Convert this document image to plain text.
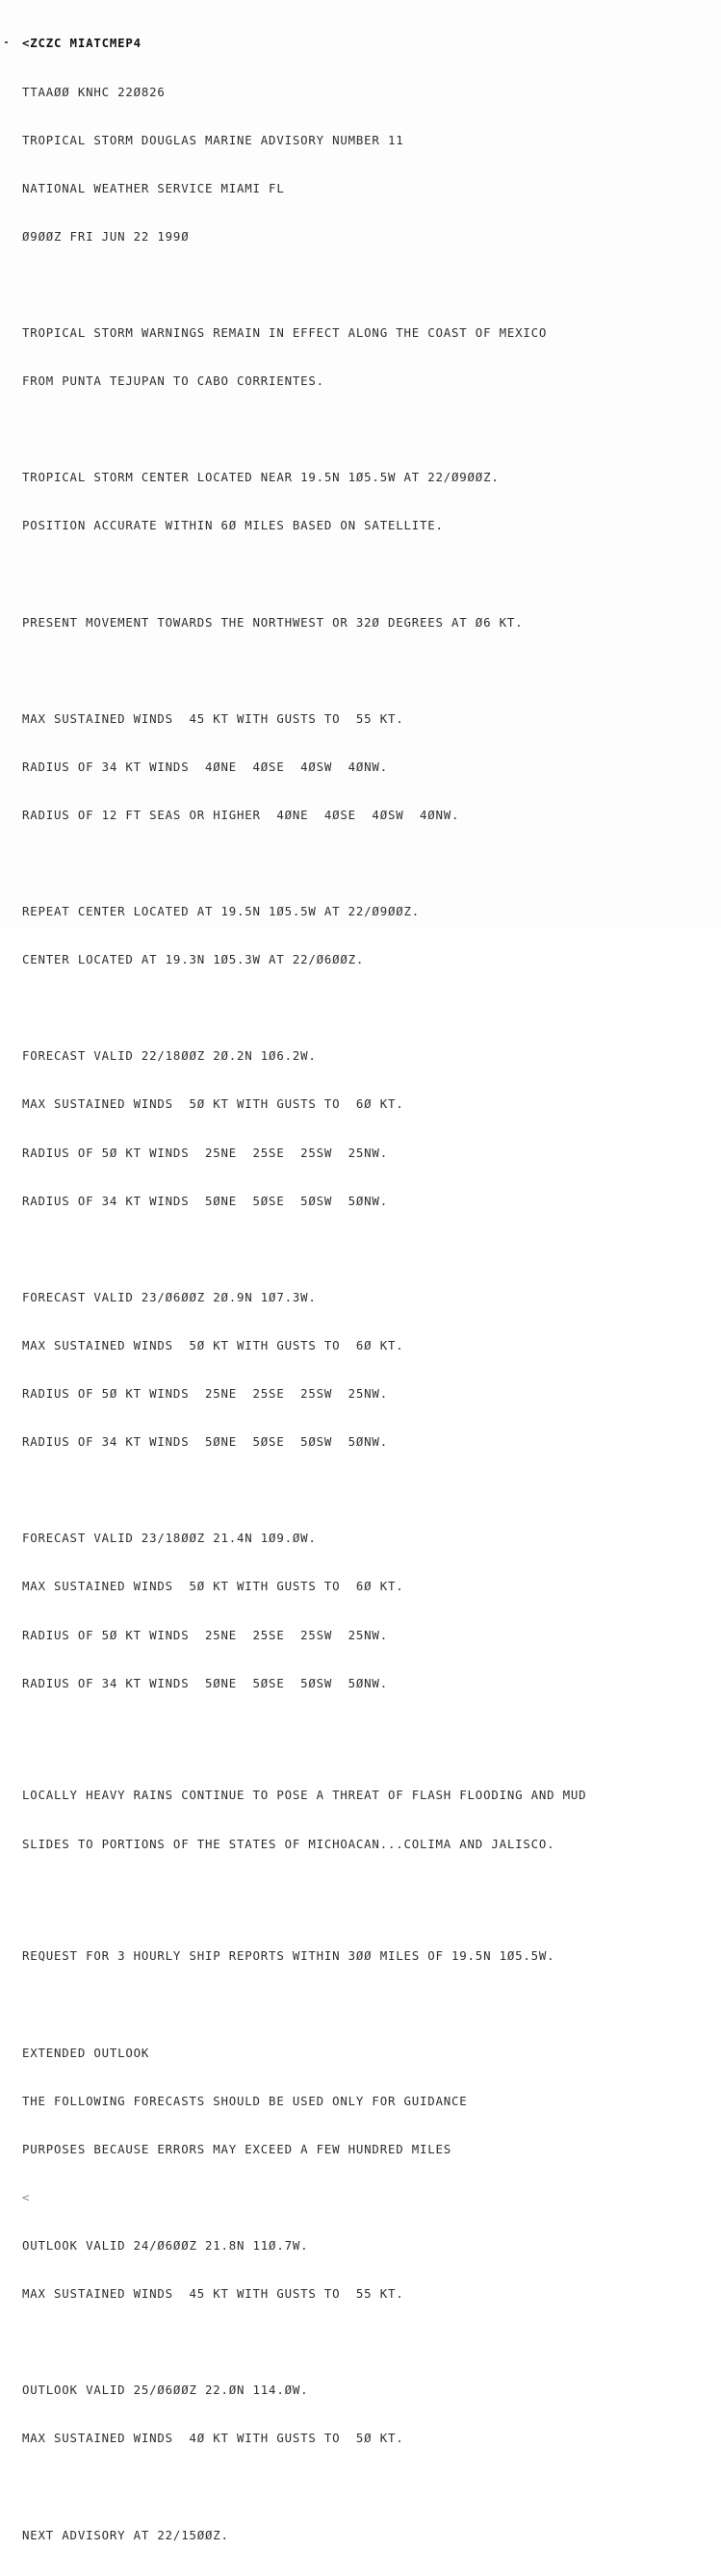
<ZCZC MIATCMEP4

TTAAØØ KNHC 22Ø826

TROPICAL STORM DOUGLAS MARINE ADVISORY NUMBER 11

NATIONAL WEATHER SERVICE MIAMI FL

Ø9ØØZ FRI JUN 22 199Ø

TROPICAL STORM WARNINGS REMAIN IN EFFECT ALONG THE COAST OF MEXICO

FROM PUNTA TEJUPAN TO CABO CORRIENTES.

TROPICAL STORM CENTER LOCATED NEAR 19.5N 1Ø5.5W AT 22/Ø9ØØZ.

POSITION ACCURATE WITHIN 6Ø MILES BASED ON SATELLITE.

PRESENT MOVEMENT TOWARDS THE NORTHWEST OR 32Ø DEGREES AT Ø6 KT.

MAX SUSTAINED WINDS  45 KT WITH GUSTS TO  55 KT.

RADIUS OF 34 KT WINDS  4ØNE  4ØSE  4ØSW  4ØNW.

RADIUS OF 12 FT SEAS OR HIGHER  4ØNE  4ØSE  4ØSW  4ØNW.

REPEAT CENTER LOCATED AT 19.5N 1Ø5.5W AT 22/Ø9ØØZ.

CENTER LOCATED AT 19.3N 1Ø5.3W AT 22/Ø6ØØZ.

FORECAST VALID 22/18ØØZ 2Ø.2N 1Ø6.2W.

MAX SUSTAINED WINDS  5Ø KT WITH GUSTS TO  6Ø KT.

RADIUS OF 5Ø KT WINDS  25NE  25SE  25SW  25NW.

RADIUS OF 34 KT WINDS  5ØNE  5ØSE  5ØSW  5ØNW.

FORECAST VALID 23/Ø6ØØZ 2Ø.9N 1Ø7.3W.

MAX SUSTAINED WINDS  5Ø KT WITH GUSTS TO  6Ø KT.

RADIUS OF 5Ø KT WINDS  25NE  25SE  25SW  25NW.

RADIUS OF 34 KT WINDS  5ØNE  5ØSE  5ØSW  5ØNW.

FORECAST VALID 23/18ØØZ 21.4N 1Ø9.ØW.

MAX SUSTAINED WINDS  5Ø KT WITH GUSTS TO  6Ø KT.

RADIUS OF 5Ø KT WINDS  25NE  25SE  25SW  25NW.

RADIUS OF 34 KT WINDS  5ØNE  5ØSE  5ØSW  5ØNW.

LOCALLY HEAVY RAINS CONTINUE TO POSE A THREAT OF FLASH FLOODING AND MUD

SLIDES TO PORTIONS OF THE STATES OF MICHOACAN...COLIMA AND JALISCO.

REQUEST FOR 3 HOURLY SHIP REPORTS WITHIN 3ØØ MILES OF 19.5N 1Ø5.5W.

EXTENDED OUTLOOK

THE FOLLOWING FORECASTS SHOULD BE USED ONLY FOR GUIDANCE

PURPOSES BECAUSE ERRORS MAY EXCEED A FEW HUNDRED MILES

<

OUTLOOK VALID 24/Ø6ØØZ 21.8N 11Ø.7W.

MAX SUSTAINED WINDS  45 KT WITH GUSTS TO  55 KT.

OUTLOOK VALID 25/Ø6ØØZ 22.ØN 114.ØW.

MAX SUSTAINED WINDS  4Ø KT WITH GUSTS TO  5Ø KT.

NEXT ADVISORY AT 22/15ØØZ.
